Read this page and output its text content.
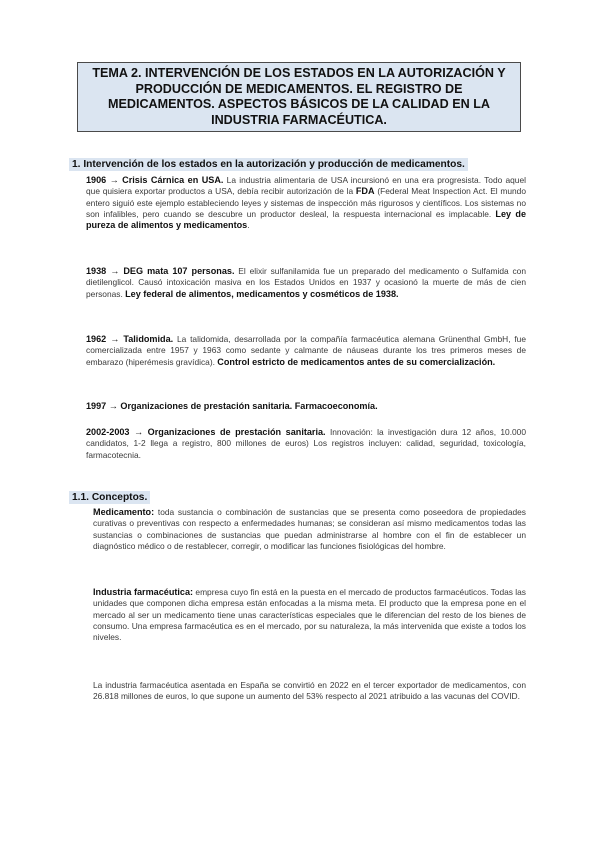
TEMA 2. INTERVENCIÓN DE LOS ESTADOS EN LA AUTORIZACIÓN Y PRODUCCIÓN DE MEDICAMENTOS. EL REGISTRO DE MEDICAMENTOS. ASPECTOS BÁSICOS DE LA CALIDAD EN LA INDUSTRIA FARMACÉUTICA.
1. Intervención de los estados en la autorización y producción de medicamentos.

1906 → Crisis Cárnica en USA. La industria alimentaria de USA incursionó en una era progresista. Todo aquel que quisiera exportar productos a USA, debía recibir autorización de la FDA (Federal Meat Inspection Act. El mundo entero siguió este ejemplo estableciendo leyes y sistemas de inspección más rigurosos y científicos. Los sistemas no son infalibles, pero cuando se descubre un productor desleal, la respuesta internacional es implacable. Ley de pureza de alimentos y medicamentos.

1938 → DEG mata 107 personas. El elixir sulfanilamida fue un preparado del medicamento o Sulfamida con dietilenglicol. Causó intoxicación masiva en los Estados Unidos en 1937 y ocasionó la muerte de más de cien personas. Ley federal de alimentos, medicamentos y cosméticos de 1938.

1962 → Talidomida. La talidomida, desarrollada por la compañía farmacéutica alemana Grünenthal GmbH, fue comercializada entre 1957 y 1963 como sedante y calmante de náuseas durante los tres primeros meses de embarazo (hiperémesis gravídica). Control estricto de medicamentos antes de su comercialización.

1997 → Organizaciones de prestación sanitaria. Farmacoeconomía.

2002-2003 → Organizaciones de prestación sanitaria. Innovación: la investigación dura 12 años, 10.000 candidatos, 1-2 llega a registro, 800 millones de euros) Los registros incluyen: calidad, seguridad, toxicología, farmacotecnia.

1.1. Conceptos.

Medicamento: toda sustancia o combinación de sustancias que se presenta como poseedora de propiedades curativas o preventivas con respecto a enfermedades humanas; se consideran así mismo medicamentos todas las sustancias o combinaciones de sustancias que puedan administrarse al hombre con el fin de establecer un diagnóstico médico o de restablecer, corregir, o modificar las funciones fisiológicas del hombre.

Industria farmacéutica: empresa cuyo fin está en la puesta en el mercado de productos farmacéuticos. Todas las unidades que componen dicha empresa están enfocadas a la misma meta. El producto que la empresa pone en el mercado al ser un medicamento tiene unas características especiales que le diferencian del resto de los bienes de consumo. Una empresa farmacéutica es en el mercado, por su naturaleza, la más intervenida que existe a todos los niveles.

La industria farmacéutica asentada en España se convirtió en 2022 en el tercer exportador de medicamentos, con 26.818 millones de euros, lo que supone un aumento del 53% respecto al 2021 atribuido a las vacunas del COVID.
